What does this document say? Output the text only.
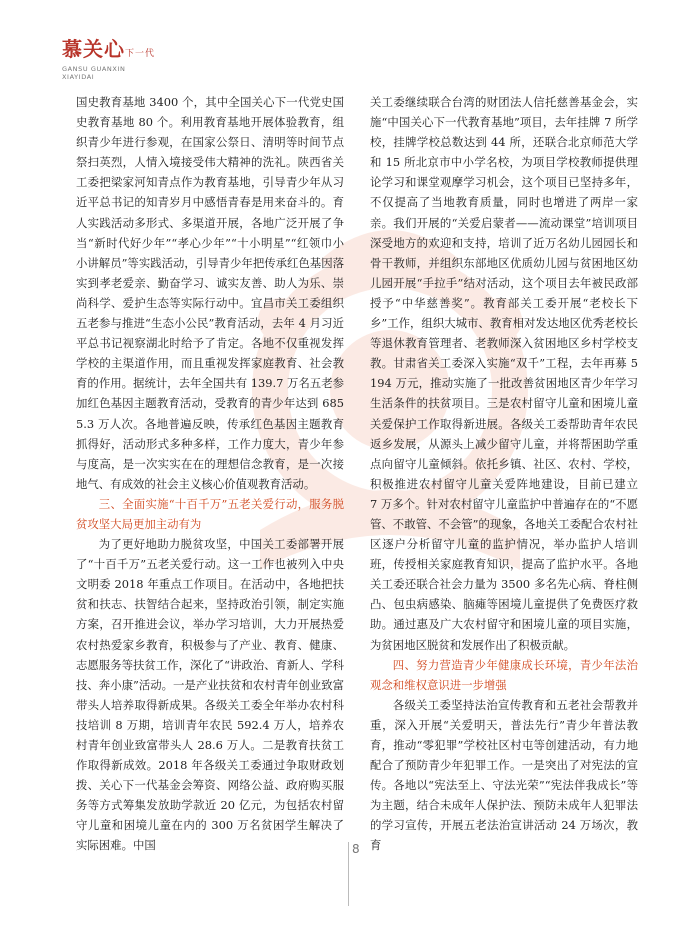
慕关心下一代
GANSU GUANXIN
XIAYIDAI

国史教育基地 3400 个，其中全国关心下一代党史国史教育基地 80 个。利用教育基地开展体验教育，组织青少年进行参观，在国家公祭日、清明等时间节点祭扫英烈，人情入境接受伟大精神的洗礼。陕西省关工委把梁家河知青点作为教育基地，引导青少年从习近平总书记的知青岁月中感悟青春是用来奋斗的。育人实践活动多形式、多渠道开展，各地广泛开展了争当“新时代好少年”“孝心少年”“十小明星”“红领巾小小讲解员”等实践活动，引导青少年把传承红色基因落实到孝老爱亲、勤奋学习、诚实友善、助人为乐、崇尚科学、爱护生态等实际行动中。宜昌市关工委组织五老参与推进“生态小公民”教育活动，去年 4 月习近平总书记视察湖北时给予了肯定。各地不仅重视发挥学校的主渠道作用，而且重视发挥家庭教育、社会教育的作用。据统计，去年全国共有 139.7 万名五老参加红色基因主题教育活动，受教育的青少年达到 6855.3 万人次。各地普遍反映，传承红色基因主题教育抓得好，活动形式多种多样，工作力度大，青少年参与度高，是一次实实在在的理想信念教育，是一次接地气、有成效的社会主义核心价值观教育活动。

三、全面实施“十百千万”五老关爱行动，服务脱贫攻坚大局更加主动有为

为了更好地助力脱贫攻坚，中国关工委部署开展了“十百千万”五老关爱行动。这一工作也被列入中央文明委 2018 年重点工作项目。在活动中，各地把扶贫和扶志、扶智结合起来，坚持政治引领，制定实施方案，召开推进会议，举办学习培训，大力开展热爱农村热爱家乡教育，积极参与了产业、教育、健康、志愿服务等扶贫工作，深化了“讲政治、育新人、学科技、奔小康”活动。一是产业扶贫和农村青年创业致富带头人培养取得新成果。各级关工委全年举办农村科技培训 8 万期，培训青年农民 592.4 万人，培养农村青年创业致富带头人 28.6 万人。二是教育扶贫工作取得新成效。2018 年各级关工委通过争取财政划拨、关心下一代基金会筹资、网络公益、政府购买服务等方式筹集发放助学款近 20 亿元，为包括农村留守儿童和困境儿童在内的 300 万名贫困学生解决了实际困难。中国

关工委继续联合台湾的财团法人信托慈善基金会，实施“中国关心下一代教育基地”项目，去年挂牌 7 所学校，挂牌学校总数达到 44 所，还联合北京师范大学和 15 所北京市中小学名校，为项目学校教师提供理论学习和课堂观摩学习机会，这个项目已坚持多年，不仅提高了当地教育质量，同时也增进了两岸一家亲。我们开展的“关爱启蒙者——流动课堂”培训项目深受地方的欢迎和支持，培训了近万名幼儿园园长和骨干教师，并组织东部地区优质幼儿园与贫困地区幼儿园开展“手拉手”结对活动，这个项目去年被民政部授予“中华慈善奖”。教育部关工委开展“老校长下乡”工作，组织大城市、教育相对发达地区优秀老校长等退休教育管理者、老教师深入贫困地区乡村学校支教。甘肃省关工委深入实施“双千”工程，去年再募 5194 万元，推动实施了一批改善贫困地区青少年学习生活条件的扶贫项目。三是农村留守儿童和困境儿童关爱保护工作取得新进展。各级关工委帮助青年农民返乡发展，从源头上减少留守儿童，并将帮困助学重点向留守儿童倾斜。依托乡镇、社区、农村、学校，积极推进农村留守儿童关爱阵地建设，目前已建立　7 万多个。针对农村留守儿童监护中普遍存在的“不愿管、不敢管、不会管”的现象，各地关工委配合农村社区逐户分析留守儿童的监护情况，举办监护人培训班，传授相关家庭教育知识，提高了监护水平。各地关工委还联合社会力量为 3500 多名先心病、脊柱侧凸、包虫病感染、脑瘫等困境儿童提供了免费医疗救助。通过惠及广大农村留守和困境儿童的项目实施，为贫困地区脱贫和发展作出了积极贡献。

四、努力营造青少年健康成长环境，青少年法治观念和维权意识进一步增强

各级关工委坚持法治宣传教育和五老社会帮教并重，深入开展“关爱明天，普法先行”青少年普法教育，推动“零犯罪”学校社区村屯等创建活动，有力地配合了预防青少年犯罪工作。一是突出了对宪法的宣传。各地以“宪法至上、守法光荣”“宪法伴我成长”等为主题，结合未成年人保护法、预防未成年人犯罪法的学习宣传，开展五老法治宣讲活动 24 万场次，教育

8
